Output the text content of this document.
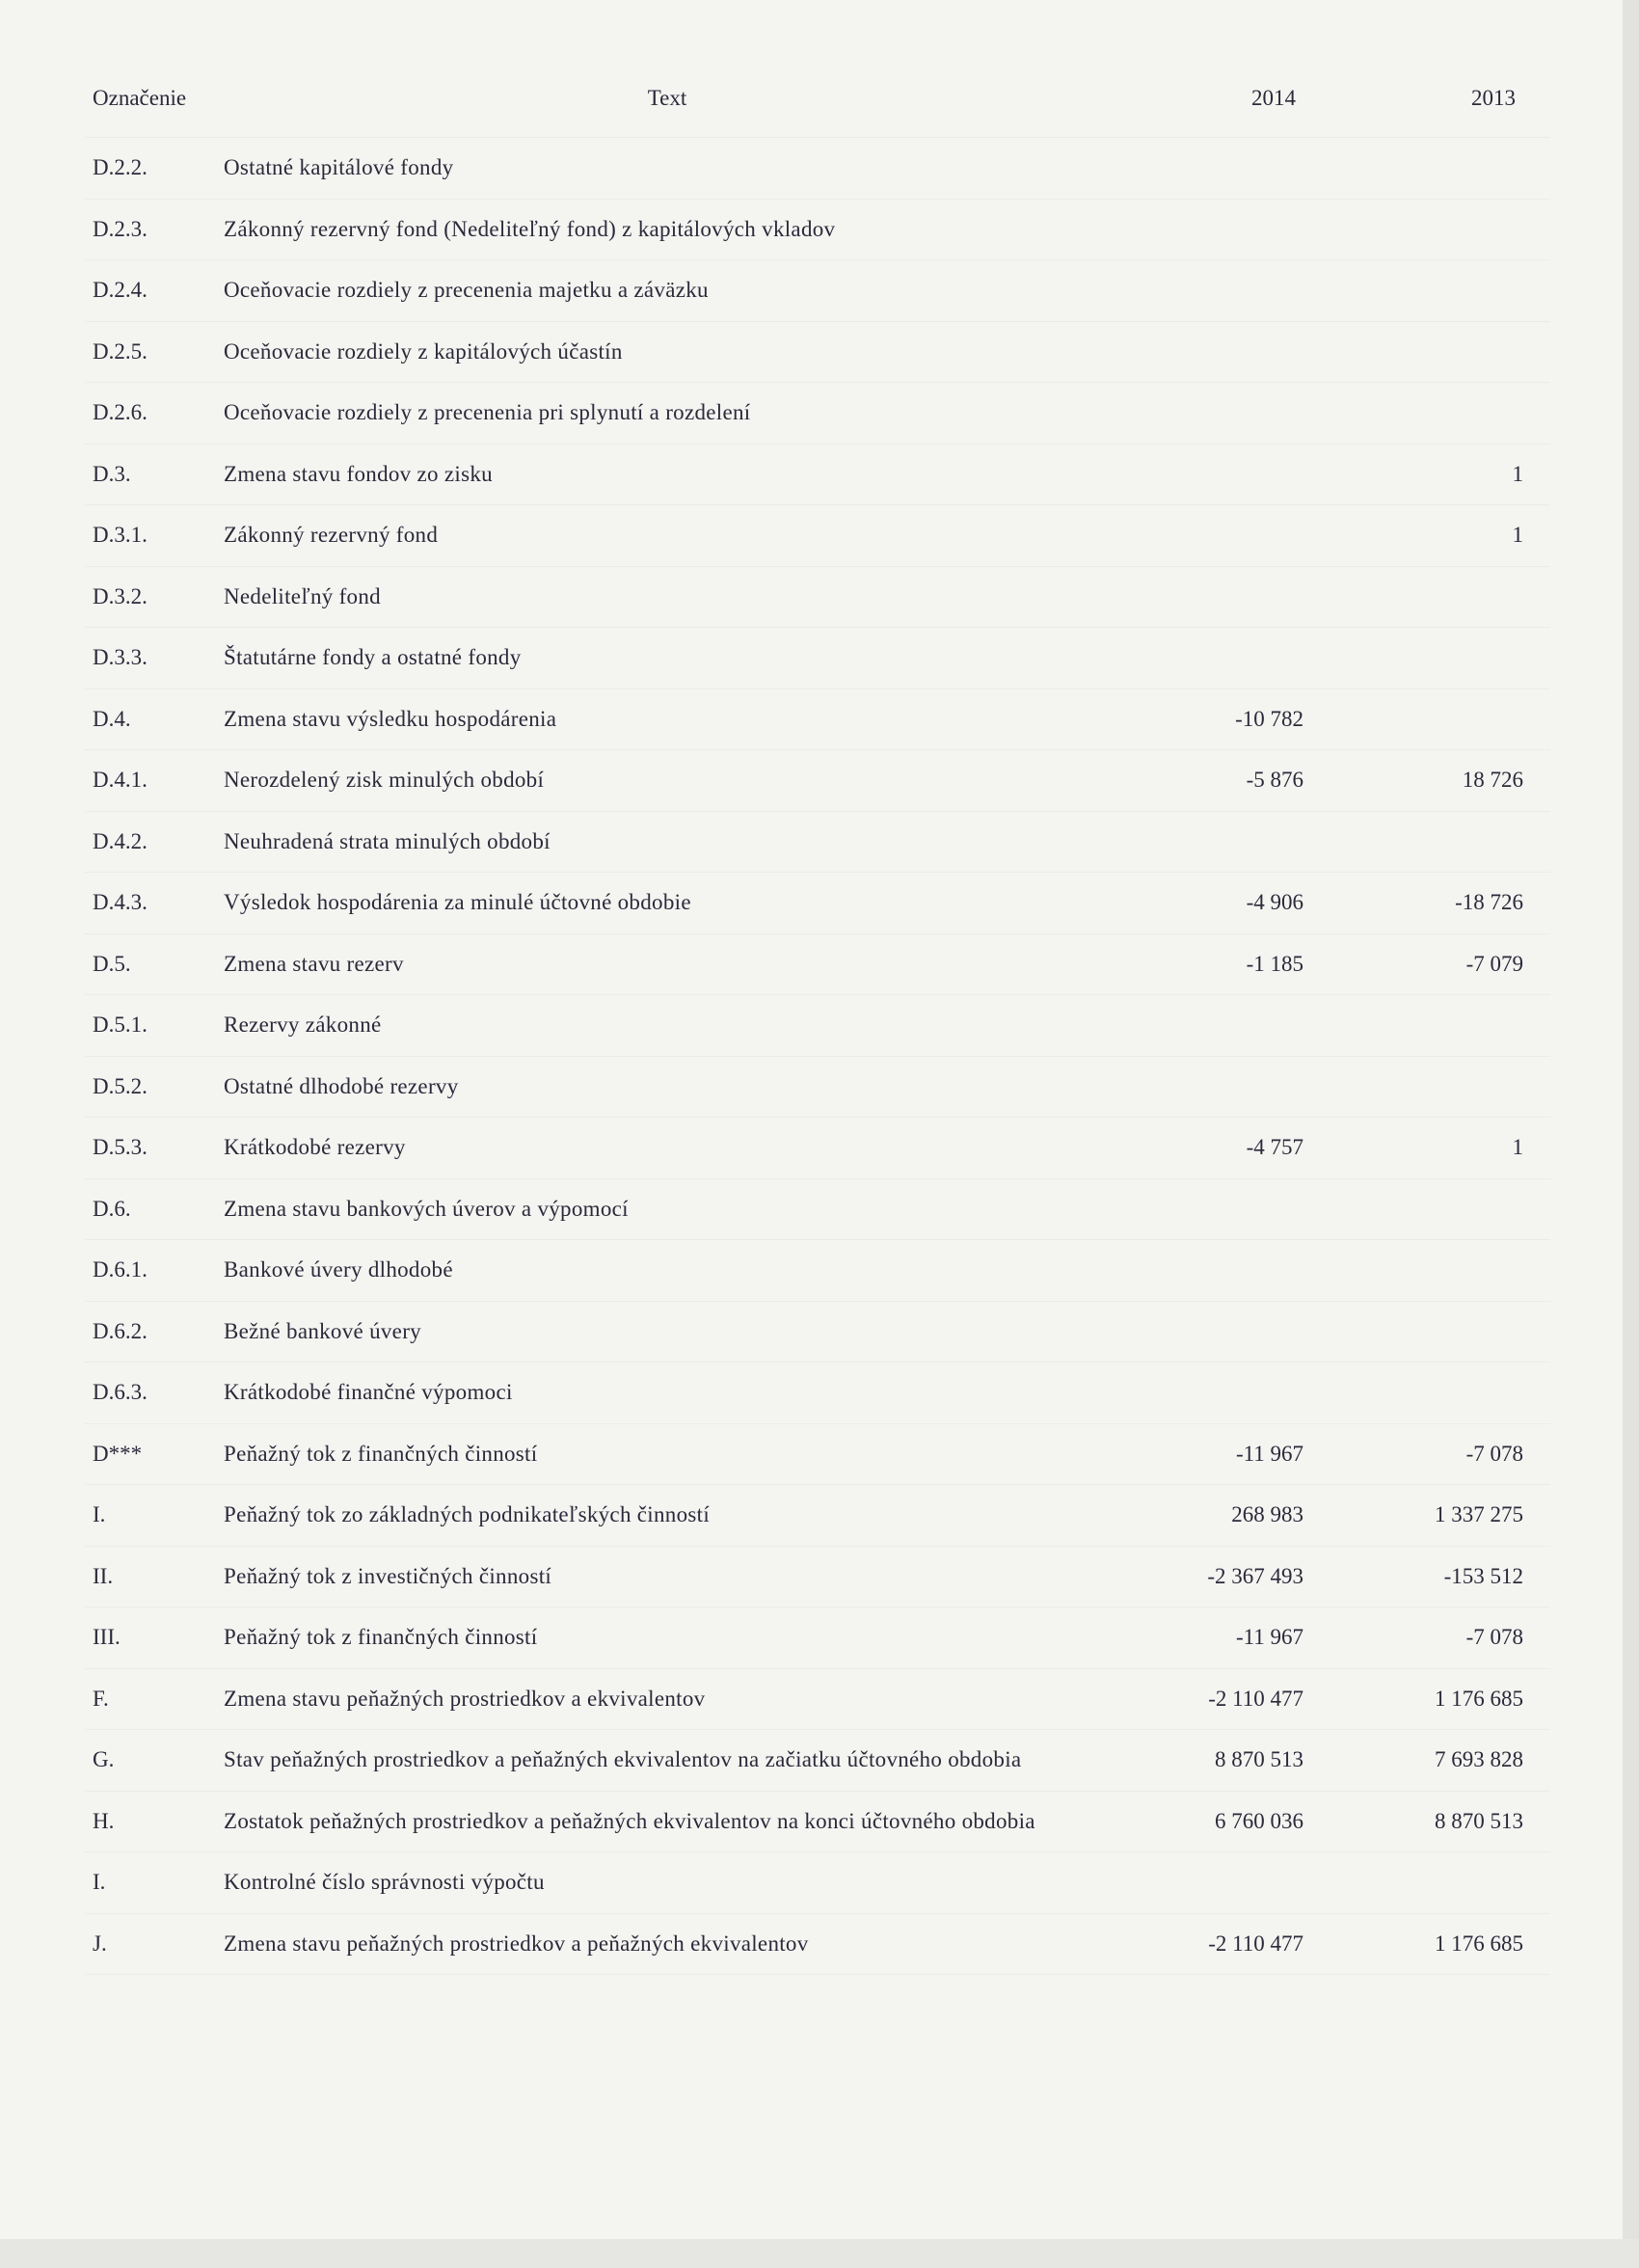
Označenie	Text	2014	2013
D.2.2.	Ostatné kapitálové fondy		
D.2.3.	Zákonný rezervný fond (Nedeliteľný fond) z kapitálových vkladov		
D.2.4.	Oceňovacie rozdiely z precenenia majetku a záväzku		
D.2.5.	Oceňovacie rozdiely z kapitálových účastín		
D.2.6.	Oceňovacie rozdiely z precenenia pri splynutí a rozdelení		
D.3.	Zmena stavu fondov zo zisku		1
D.3.1.	Zákonný rezervný fond		1
D.3.2.	Nedeliteľný fond		
D.3.3.	Štatutárne fondy a ostatné fondy		
D.4.	Zmena stavu výsledku hospodárenia	-10 782	
D.4.1.	Nerozdelený zisk minulých období	-5 876	18 726
D.4.2.	Neuhradená strata minulých období		
D.4.3.	Výsledok hospodárenia za minulé účtovné obdobie	-4 906	-18 726
D.5.	Zmena stavu rezerv	-1 185	-7 079
D.5.1.	Rezervy zákonné		
D.5.2.	Ostatné dlhodobé rezervy		
D.5.3.	Krátkodobé rezervy	-4 757	1
D.6.	Zmena stavu bankových úverov a výpomocí		
D.6.1.	Bankové úvery dlhodobé		
D.6.2.	Bežné bankové úvery		
D.6.3.	Krátkodobé finančné výpomoci		
D***	Peňažný tok z finančných činností	-11 967	-7 078
I.	Peňažný tok zo základných podnikateľských činností	268 983	1 337 275
II.	Peňažný tok z investičných činností	-2 367 493	-153 512
III.	Peňažný tok z finančných činností	-11 967	-7 078
F.	Zmena stavu peňažných prostriedkov a ekvivalentov	-2 110 477	1 176 685
G.	Stav peňažných prostriedkov a peňažných ekvivalentov na začiatku účtovného obdobia	8 870 513	7 693 828
H.	Zostatok peňažných prostriedkov a peňažných ekvivalentov na konci účtovného obdobia	6 760 036	8 870 513
I.	Kontrolné číslo správnosti výpočtu		
J.	Zmena stavu peňažných prostriedkov a peňažných ekvivalentov	-2 110 477	1 176 685
